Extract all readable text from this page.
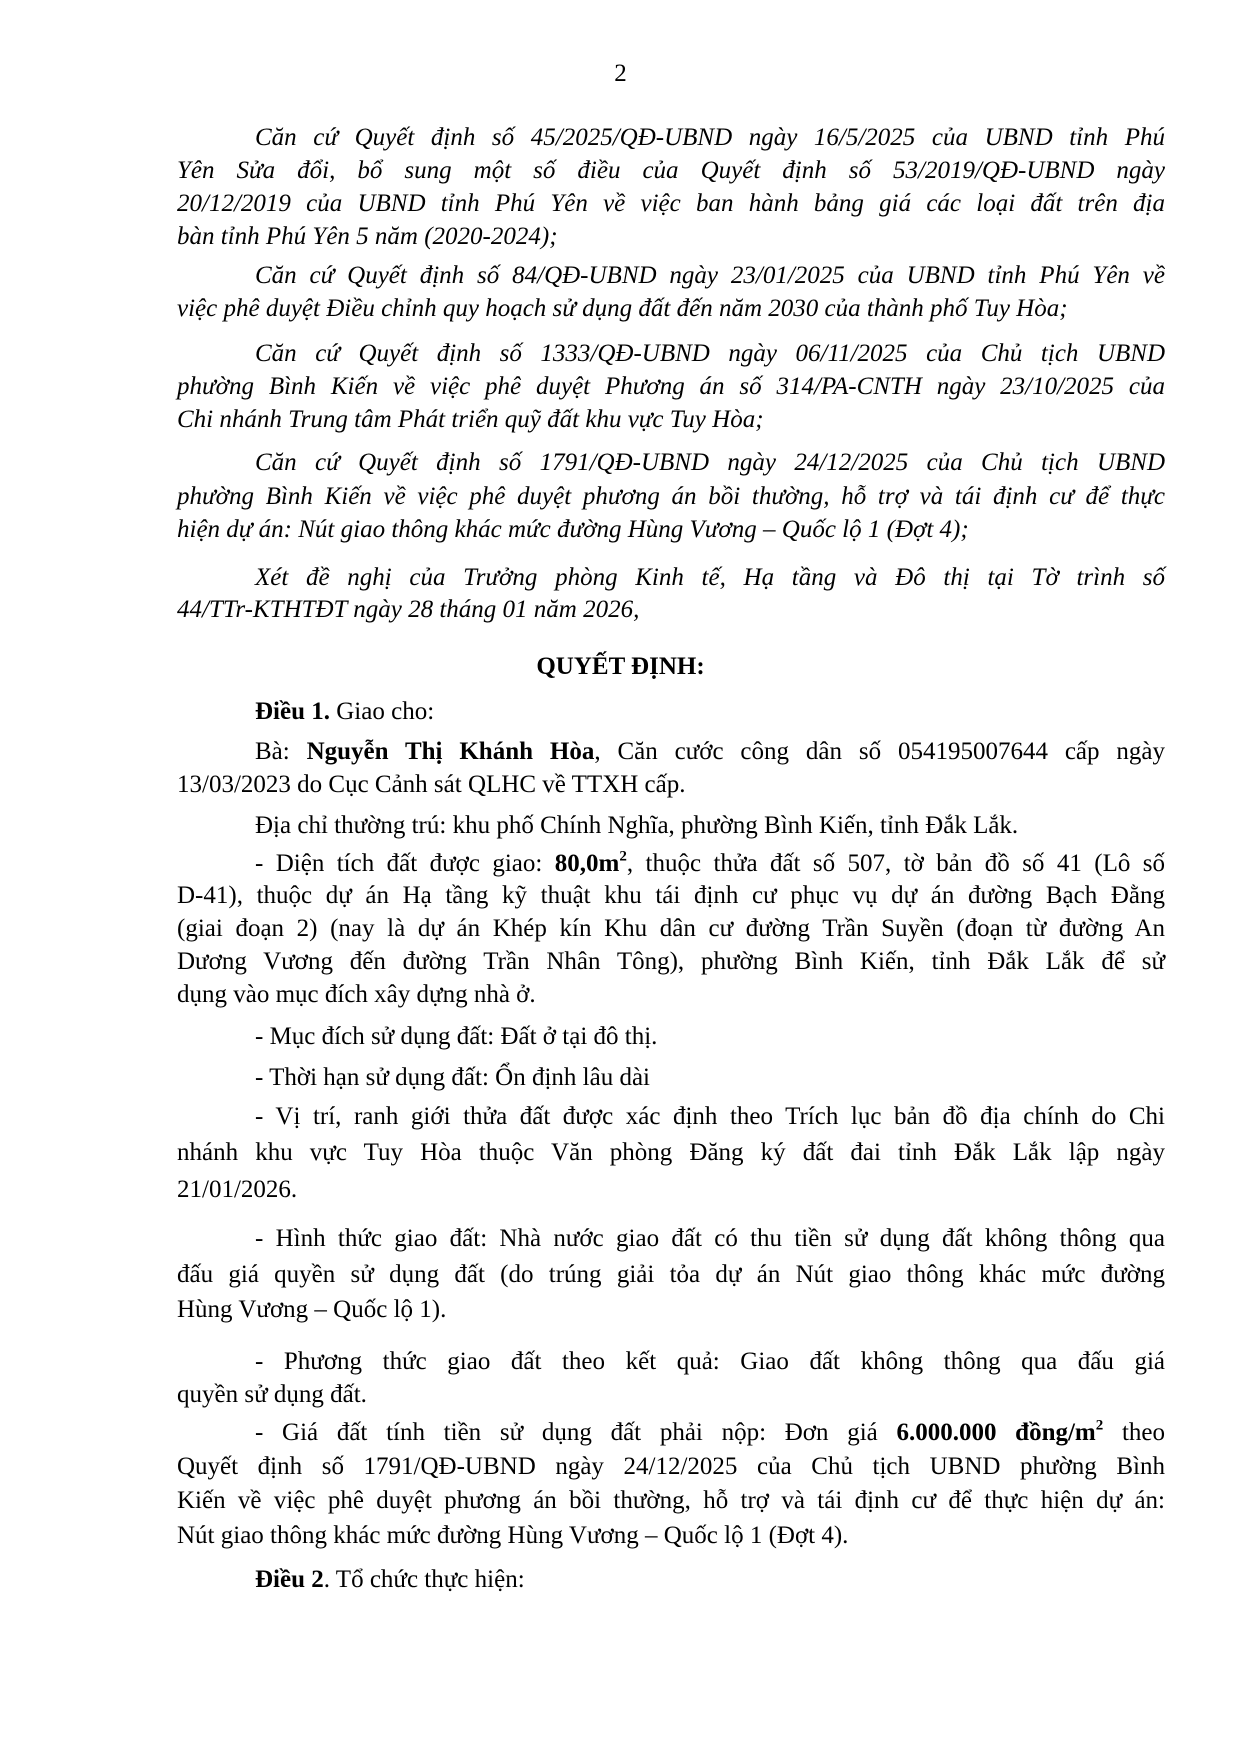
2
QUYẾT ĐỊNH:
Căn cứ Quyết định số 45/2025/QĐ-UBND ngày 16/5/2025 của UBND tỉnh Phú
Yên Sửa đổi, bổ sung một số điều của Quyết định số 53/2019/QĐ-UBND ngày
20/12/2019 của UBND tỉnh Phú Yên về việc ban hành bảng giá các loại đất trên địa
bàn tỉnh Phú Yên 5 năm (2020-2024);
Căn cứ Quyết định số 84/QĐ-UBND ngày 23/01/2025 của UBND tỉnh Phú Yên về
việc phê duyệt Điều chỉnh quy hoạch sử dụng đất đến năm 2030 của thành phố Tuy Hòa;
Căn cứ Quyết định số 1333/QĐ-UBND ngày 06/11/2025 của Chủ tịch UBND
phường Bình Kiến về việc phê duyệt Phương án số 314/PA-CNTH ngày 23/10/2025 của
Chi nhánh Trung tâm Phát triển quỹ đất khu vực Tuy Hòa;
Căn cứ Quyết định số 1791/QĐ-UBND ngày 24/12/2025 của Chủ tịch UBND
phường Bình Kiến về việc phê duyệt phương án bồi thường, hỗ trợ và tái định cư để thực
hiện dự án: Nút giao thông khác mức đường Hùng Vương – Quốc lộ 1 (Đợt 4);
Xét đề nghị của Trưởng phòng Kinh tế, Hạ tầng và Đô thị tại Tờ trình số
44/TTr-KTHTĐT ngày 28 tháng 01 năm 2026,
Điều 1. Giao cho:
Bà: Nguyễn Thị Khánh Hòa, Căn cước công dân số 054195007644 cấp ngày
13/03/2023 do Cục Cảnh sát QLHC về TTXH cấp.
Địa chỉ thường trú: khu phố Chính Nghĩa, phường Bình Kiến, tỉnh Đắk Lắk.
- Diện tích đất được giao: $80,0m^2$, thuộc thửa đất số 507, tờ bản đồ số 41 (Lô số
D-41), thuộc dự án Hạ tầng kỹ thuật khu tái định cư phục vụ dự án đường Bạch Đằng
(giai đoạn 2) (nay là dự án Khép kín Khu dân cư đường Trần Suyền (đoạn từ đường An
Dương Vương đến đường Trần Nhân Tông), phường Bình Kiến, tỉnh Đắk Lắk để sử
dụng vào mục đích xây dựng nhà ở.
- Mục đích sử dụng đất: Đất ở tại đô thị.
- Thời hạn sử dụng đất: Ổn định lâu dài
- Vị trí, ranh giới thửa đất được xác định theo Trích lục bản đồ địa chính do Chi
nhánh khu vực Tuy Hòa thuộc Văn phòng Đăng ký đất đai tỉnh Đắk Lắk lập ngày
21/01/2026.
- Hình thức giao đất: Nhà nước giao đất có thu tiền sử dụng đất không thông qua
đấu giá quyền sử dụng đất (do trúng giải tỏa dự án Nút giao thông khác mức đường
Hùng Vương – Quốc lộ 1).
- Phương thức giao đất theo kết quả: Giao đất không thông qua đấu giá
quyền sử dụng đất.
- Giá đất tính tiền sử dụng đất phải nộp: Đơn giá 6.000.000 đồng/$m^2$ theo
Quyết định số 1791/QĐ-UBND ngày 24/12/2025 của Chủ tịch UBND phường Bình
Kiến về việc phê duyệt phương án bồi thường, hỗ trợ và tái định cư để thực hiện dự án:
Nút giao thông khác mức đường Hùng Vương – Quốc lộ 1 (Đợt 4).
Điều 2. Tổ chức thực hiện:
